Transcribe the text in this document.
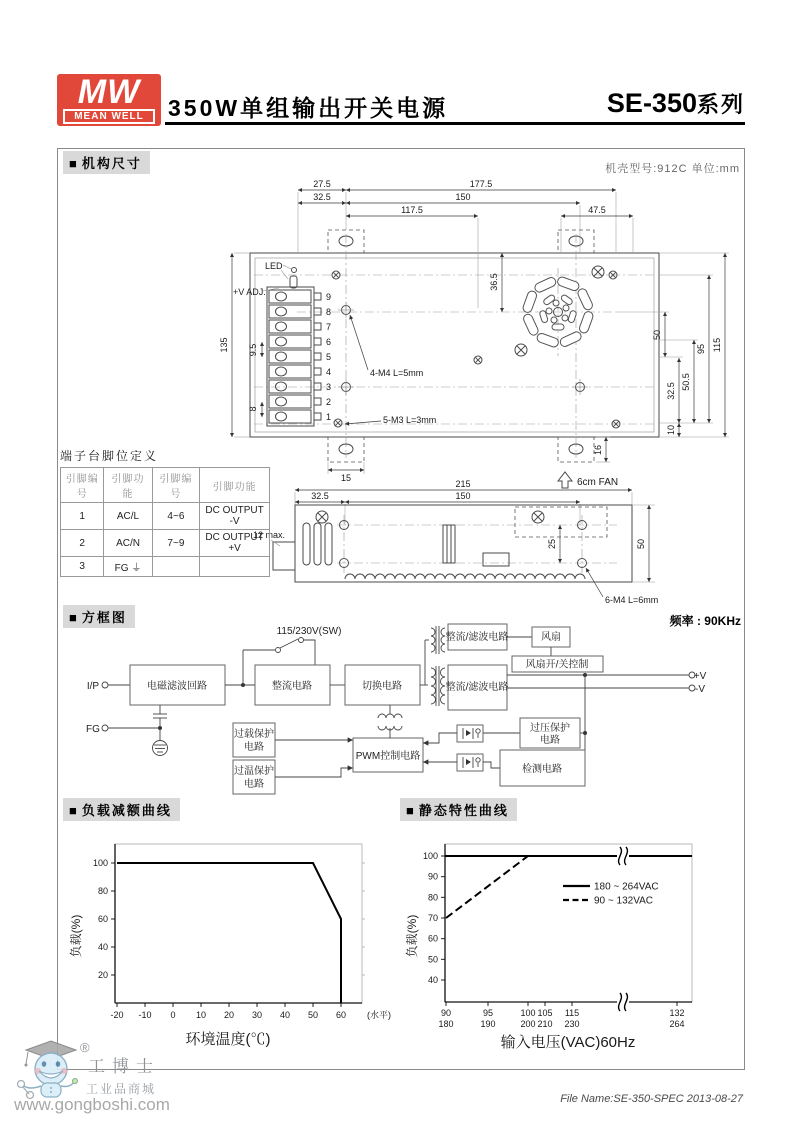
MW
MEAN WELL	350W单组输出开关电源	SE-350系列
■ 机构尺寸	机壳型号:912C 单位:mm
9
8
7
6
5
4
3
2
1
LED
+V ADJ.
4-M4 L=5mm
5-M3 L=3mm
27.5	177.5
32.5	150
117.5	47.5
135 9.5
8
36.5
50
32.5
10
50.5
95 115
16
15	6cm FAN
215
32.5	150
12 max.
25	50
6-M4 L=6mm
端子台脚位定义
引脚编号	引脚功能	引脚编号	引脚功能
1	AC/L	4~6	DC OUTPUT -V
2	AC/N	7~9	DC OUTPUT +V
3	FG ⏚		
■ 方框图	频率 : 90KHz
I/P	电磁滤波回路
115/230V(SW)
整流电路	切换电路
整流/滤波电路	风扇
风扇开/关控制
整流/滤波电路
+V
-V
FG	过载保护
电路
过温保护
电路
PWM控制电路
过压保护
电路
检测电路
■ 负载减额曲线	■ 静态特性曲线
20
40
60
80
100
-20 -10 0 10 20 30 40 50 60 (水平)
环境温度(℃)
负载(%)
40
50
60
70
80
90
100
90
180
95
190
100
200
105
210
115
230
132
264
180 ~ 264VAC
90 ~ 132VAC
输入电压(VAC)60Hz
负载(%)
®
工博士
工业品商城
www.gongboshi.com	File Name:SE-350-SPEC 2013-08-27
